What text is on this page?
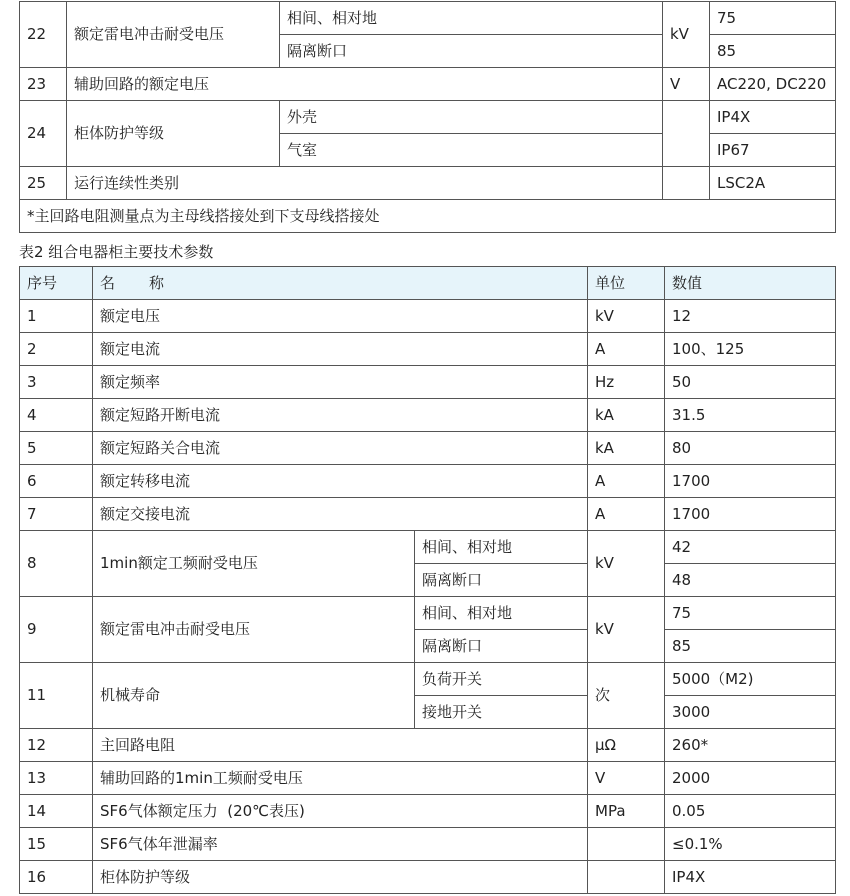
22	额定雷电冲击耐受电压	相间、相对地	kV	75
		隔离断口		85
23	辅助回路的额定电压		V	AC220, DC220
24	柜体防护等级	外壳		IP4X
		气室		IP67
25	运行连续性类别			LSC2A
*主回路电阻测量点为主母线搭接处到下支母线搭接处				
表2 组合电器柜主要技术参数
序号	名 称		单位	数值
1	额定电压		kV	12
2	额定电流		A	100、125
3	额定频率		Hz	50
4	额定短路开断电流		kA	31.5
5	额定短路关合电流		kA	80
6	额定转移电流		A	1700
7	额定交接电流		A	1700
8	1min额定工频耐受电压	相间、相对地	kV	42
		隔离断口		48
9	额定雷电冲击耐受电压	相间、相对地	kV	75
		隔离断口		85
11	机械寿命	负荷开关	次	5000（M2)
		接地开关		3000
12	主回路电阻		μΩ	260*
13	辅助回路的1min工频耐受电压		V	2000
14	SF6气体额定压力  (20℃表压)		MPa	0.05
15	SF6气体年泄漏率			≤0.1%
16	柜体防护等级			IP4X
